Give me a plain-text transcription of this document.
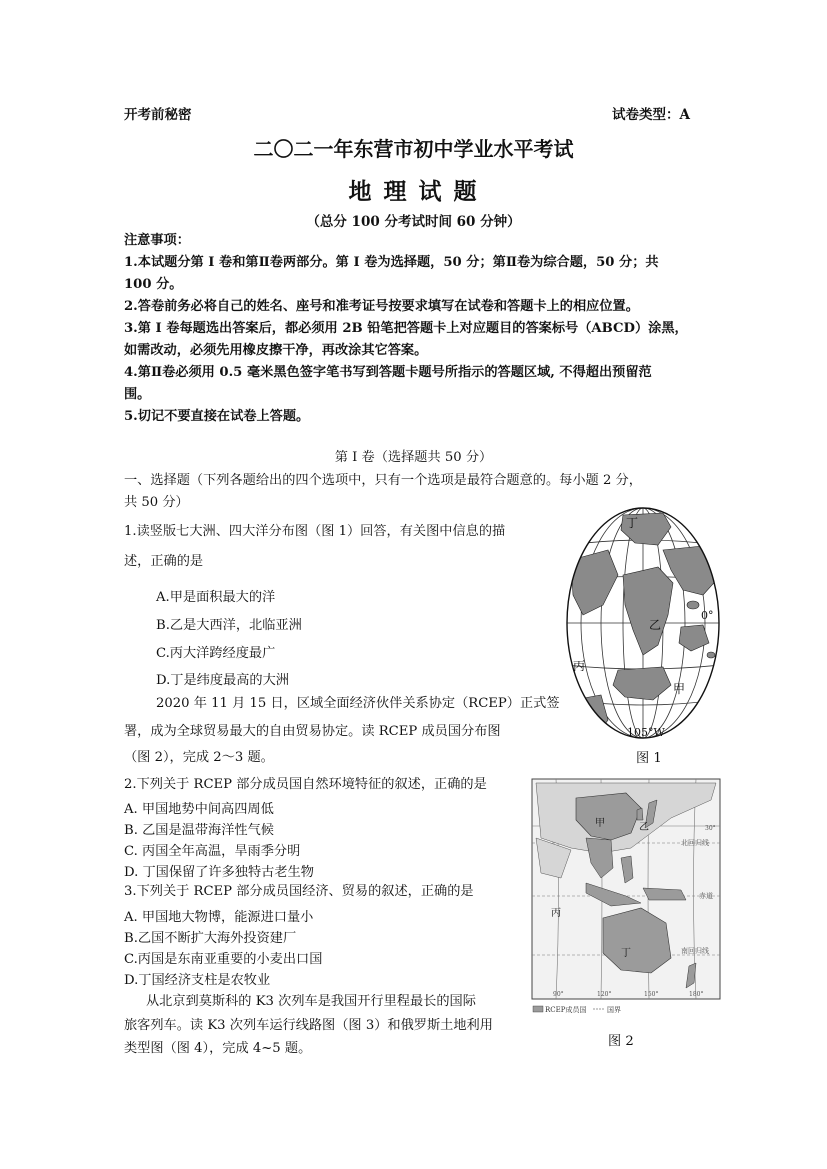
开考前秘密	试卷类型：A
二〇二一年东营市初中学业水平考试
地 理 试 题
（总分 100 分考试时间 60 分钟）
注意事项：
1.本试题分第 Ⅰ 卷和第Ⅱ卷两部分。第 Ⅰ 卷为选择题，50 分；第Ⅱ卷为综合题，50 分；共
100 分。
2.答卷前务必将自己的姓名、座号和准考证号按要求填写在试卷和答题卡上的相应位置。
3.第 Ⅰ 卷每题选出答案后，都必须用 2B 铅笔把答题卡上对应题目的答案标号（ABCD）涂黑，
如需改动，必须先用橡皮擦干净，再改涂其它答案。
4.第Ⅱ卷必须用 0.5 毫米黑色签字笔书写到答题卡题号所指示的答题区域, 不得超出预留范
围。
5.切记不要直接在试卷上答题。
第 I 卷（选择题共 50 分）
一、选择题（下列各题给出的四个选项中，只有一个选项是最符合题意的。每小题 2 分，
共 50 分）
1.读竖版七大洲、四大洋分布图（图 1）回答，有关图中信息的描
述，正确的是
A.甲是面积最大的洋
B.乙是大西洋，北临亚洲
C.丙大洋跨经度最广
D.丁是纬度最高的大洲
2020 年 11 月 15 日，区域全面经济伙伴关系协定（RCEP）正式签
署，成为全球贸易最大的自由贸易协定。读 RCEP 成员国分布图
（图 2），完成 2～3 题。
2.下列关于 RCEP 部分成员国自然环境特征的叙述，正确的是
A. 甲国地势中间高四周低
B. 乙国是温带海洋性气候
C. 丙国全年高温，旱雨季分明
D. 丁国保留了许多独特古老生物
3.下列关于 RCEP 部分成员国经济、贸易的叙述，正确的是
A. 甲国地大物博，能源进口量小
B.乙国不断扩大海外投资建厂
C.丙国是东南亚重要的小麦出口国
D.丁国经济支柱是农牧业
从北京到莫斯科的 K3 次列车是我国开行里程最长的国际
旅客列车。读 K3 次列车运行线路图（图 3）和俄罗斯土地利用
类型图（图 4），完成 4~5 题。
丁
乙
丙
甲
0°
105°W
图 1
甲	乙
丙
丁
30°
北回归线
赤道
南回归线
90°	120°	150°	180°
RCEP成员国	国界
图 2
